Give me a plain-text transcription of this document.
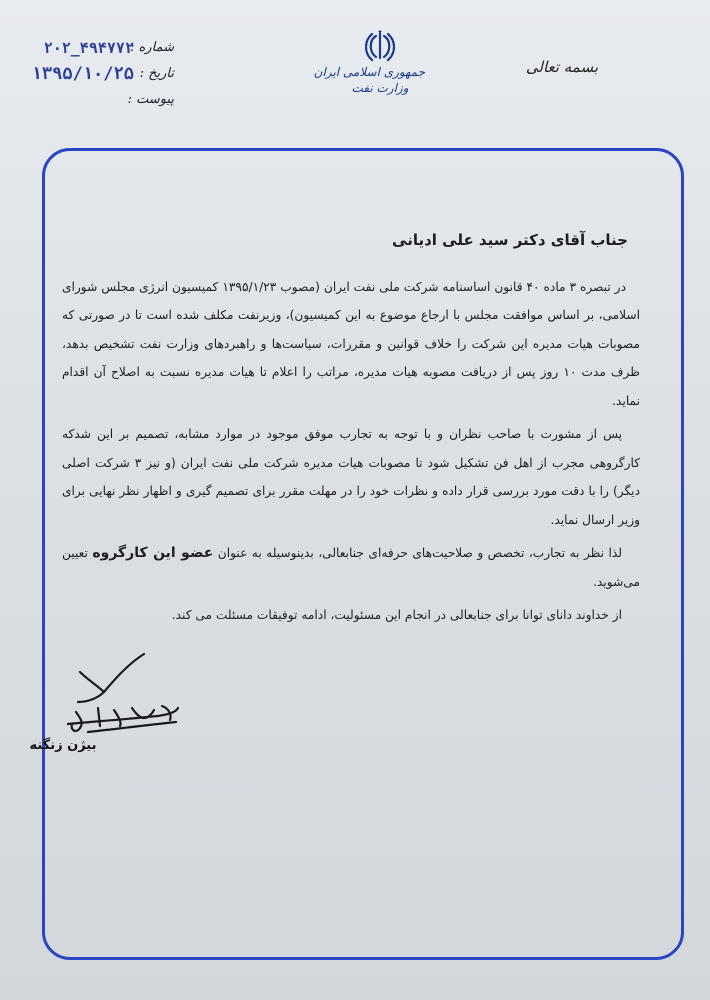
شماره :
۲۰۲_۴۹۴۷۷۲
تاریخ :
۱۳۹۵/۱۰/۲۵
پیوست :
جمهوری اسلامی ایران
وزارت نفت
بسمه تعالی
جناب آقای دکتر سید علی ادیانی

در تبصره ۳ ماده ۴۰ قانون اساسنامه شرکت ملی نفت ایران (مصوب ۱۳۹۵/۱/۲۳ کمیسیون انرژی مجلس شورای اسلامی، بر اساس موافقت مجلس با ارجاع موضوع به این کمیسیون)، وزیرنفت مکلف شده است تا در صورتی که مصوبات هیات مدیره این شرکت را خلاف قوانین و مقررات، سیاست‌ها و راهبردهای وزارت نفت تشخیص بدهد، ظرف مدت ۱۰ روز پس از دریافت مصوبه هیات مدیره، مراتب را اعلام تا هیات مدیره نسبت به اصلاح آن اقدام نماید.

پس از مشورت با صاحب نظران و با توجه به تجارب موفق موجود در موارد مشابه، تصمیم بر این شدکه کارگروهی مجرب از اهل فن تشکیل شود تا مصوبات هیات مدیره شرکت ملی نفت ایران (و نیز ۳ شرکت اصلی دیگر) را با دقت مورد بررسی قرار داده و نظرات خود را در مهلت مقرر برای تصمیم گیری و اظهار نظر نهایی برای وزیر ارسال نماید.

لذا نظر به تجارب، تخصص و صلاحیت‌های حرفه‌ای جنابعالی، بدینوسیله به عنوان عضو این کارگروه تعیین می‌شوید.

از خداوند دانای توانا برای جنابعالی در انجام این مسئولیت، ادامه توفیقات مسئلت می کند.

بیژن زنگنه
